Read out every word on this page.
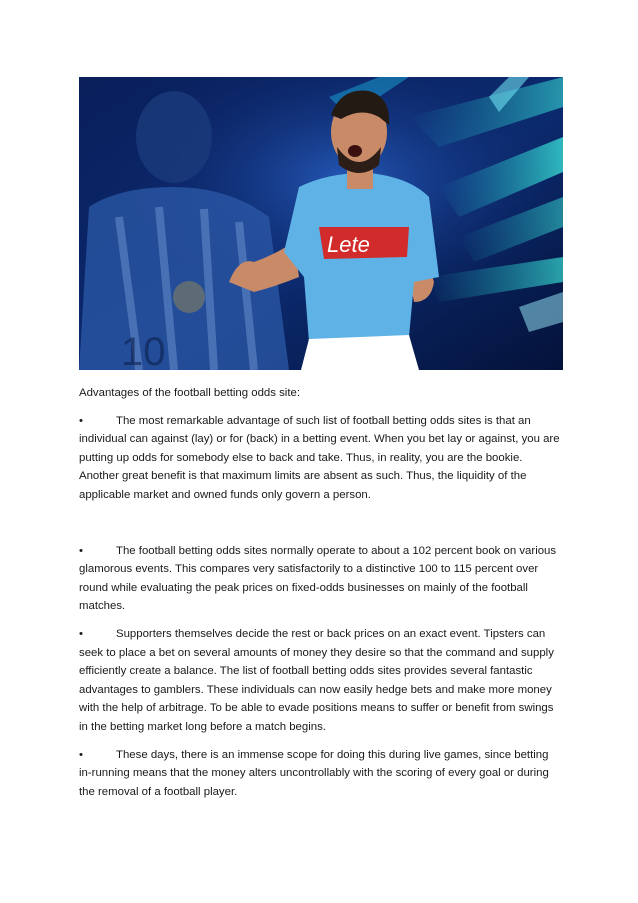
10
Lete

Advantages of the football betting odds site:

•	The most remarkable advantage of such list of football betting odds sites is that an individual can against (lay) or for (back) in a betting event. When you bet lay or against, you are putting up odds for somebody else to back and take. Thus, in reality, you are the bookie. Another great benefit is that maximum limits are absent as such. Thus, the liquidity of the applicable market and owned funds only govern a person.

•	The football betting odds sites normally operate to about a 102 percent book on various glamorous events. This compares very satisfactorily to a distinctive 100 to 115 percent over round while evaluating the peak prices on fixed-odds businesses on mainly of the football matches.

•	Supporters themselves decide the rest or back prices on an exact event. Tipsters can seek to place a bet on several amounts of money they desire so that the command and supply efficiently create a balance. The list of football betting odds sites provides several fantastic advantages to gamblers. These individuals can now easily hedge bets and make more money with the help of arbitrage. To be able to evade positions means to suffer or benefit from swings in the betting market long before a match begins.

•	These days, there is an immense scope for doing this during live games, since betting in-running means that the money alters uncontrollably with the scoring of every goal or during the removal of a football player.
